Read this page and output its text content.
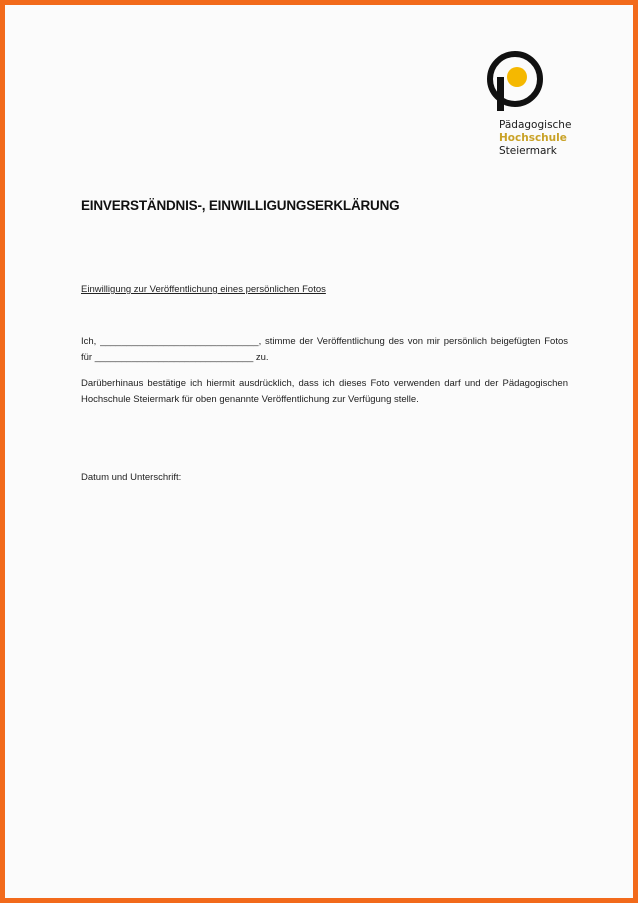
Pädagogische
Hochschule
Steiermark
EINVERSTÄNDNIS-, EINWILLIGUNGSERKLÄRUNG
Einwilligung zur Veröffentlichung eines persönlichen Fotos
Ich, ______________________________, stimme der Veröffentlichung des von mir persönlich beigefügten Fotos für ______________________________ zu.
Darüberhinaus bestätige ich hiermit ausdrücklich, dass ich dieses Foto verwenden darf und der Pädagogischen Hochschule Steiermark für oben genannte Veröffentlichung zur Verfügung stelle.
Datum und Unterschrift:
